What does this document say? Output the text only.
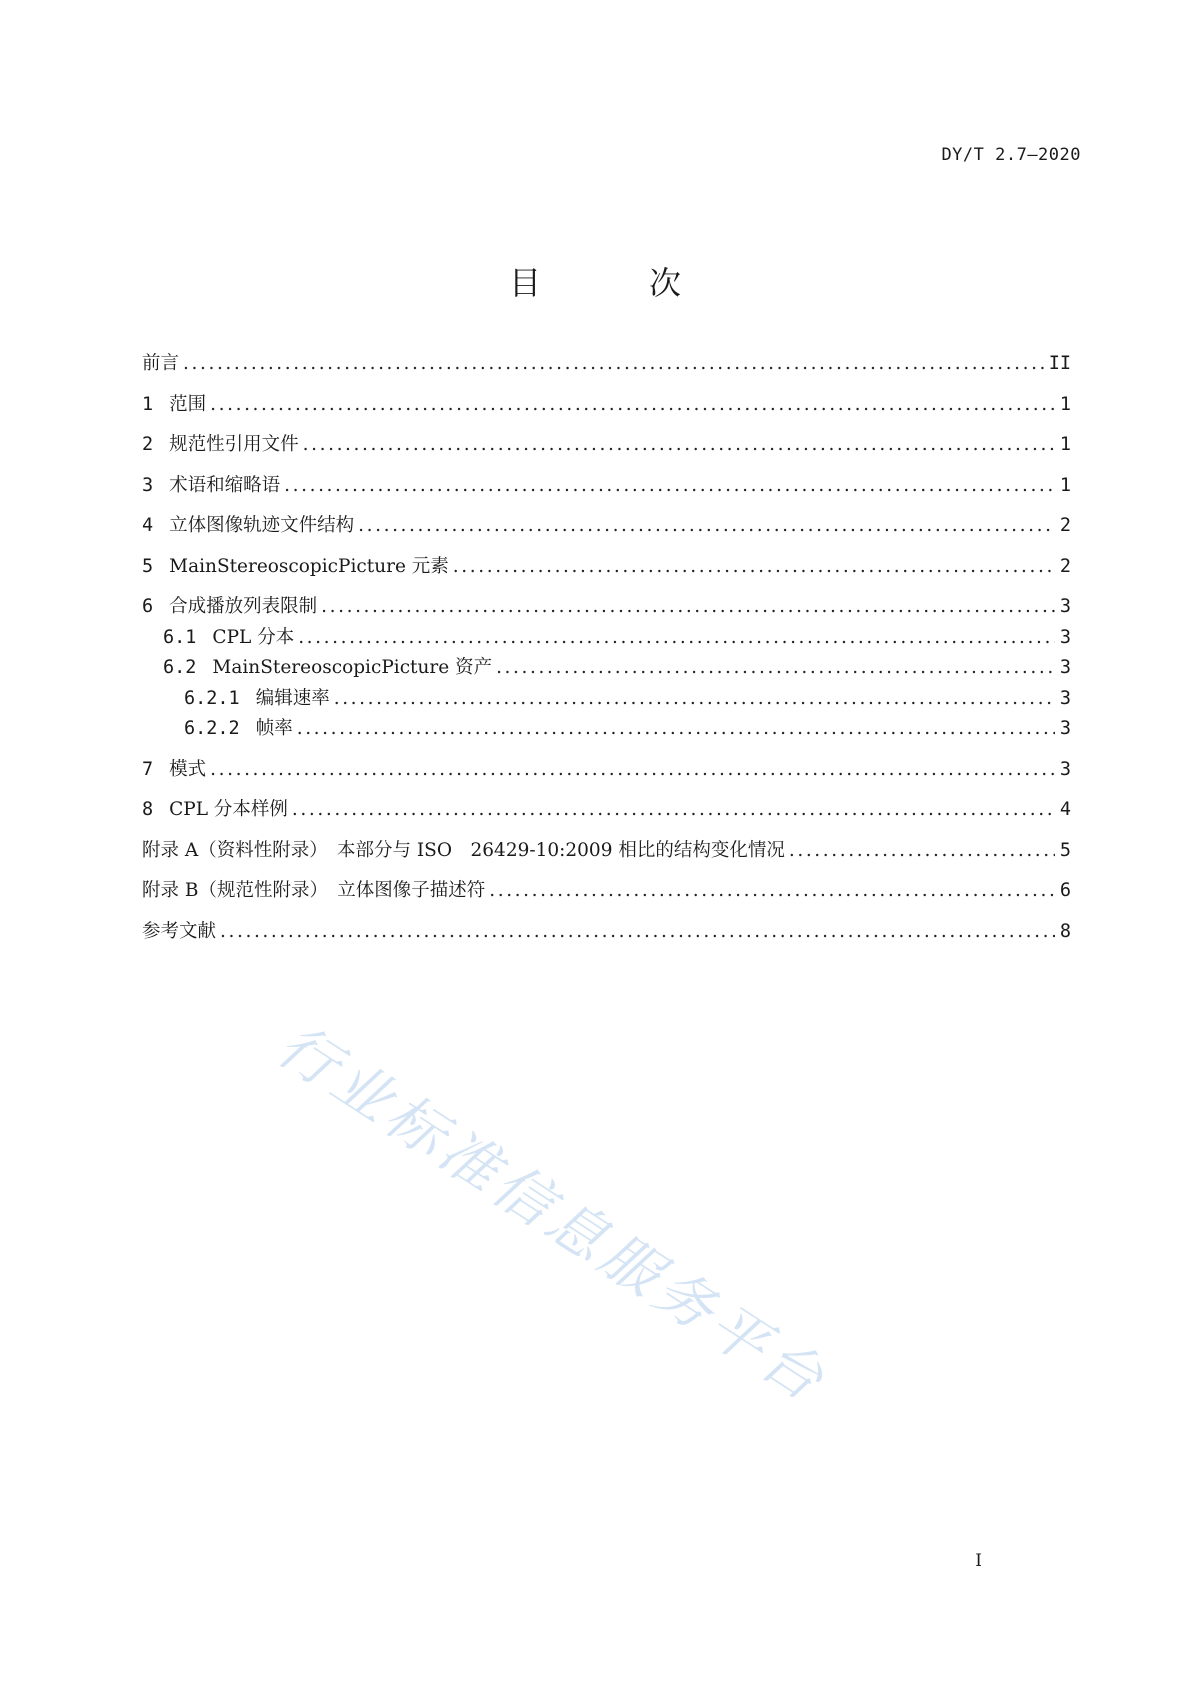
DY/T 2.7—2020
目　次
前言 .....	II
1 范围 .....	1
2 规范性引用文件 .....	1
3 术语和缩略语 .....	1
4 立体图像轨迹文件结构 .....	2
5 MainStereoscopicPicture 元素 .....	2
6 合成播放列表限制 .....	3
6.1 CPL 分本 .....	3
6.2 MainStereoscopicPicture 资产 .....	3
6.2.1 编辑速率 .....	3
6.2.2 帧率 .....	3
7 模式 .....	3
8 CPL 分本样例 .....	4
附录 A（资料性附录）　本部分与 ISO　26429-10:2009 相比的结构变化情况 .....	5
附录 B（规范性附录）　立体图像子描述符 .....	6
参考文献 .....	8
行业标准信息服务平台
I
